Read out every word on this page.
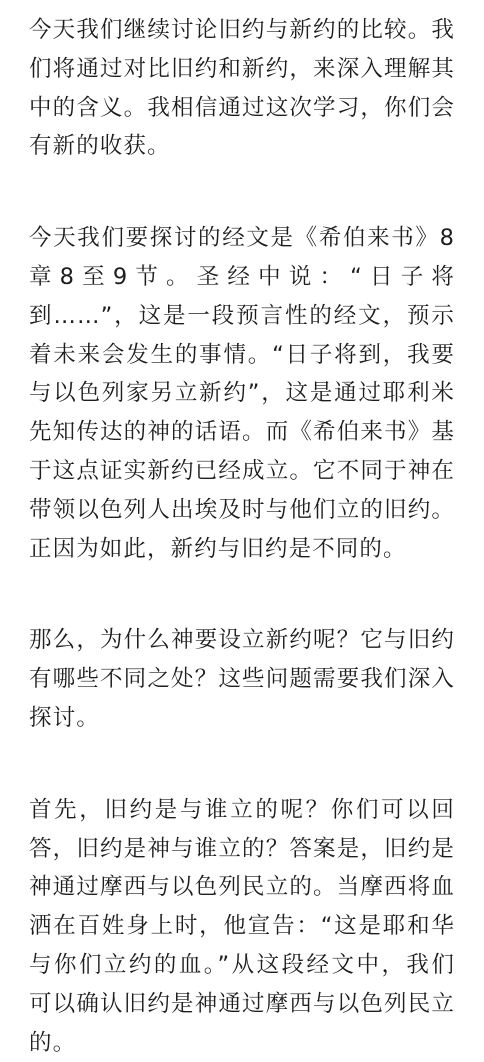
今天我们继续讨论旧约与新约的比较。我们将通过对比旧约和新约，来深入理解其中的含义。我相信通过这次学习，你们会有新的收获。

今天我们要探讨的经文是《希伯来书》8章8至9节。圣经中说：“日子将到……”，这是一段预言性的经文，预示着未来会发生的事情。“日子将到，我要与以色列家另立新约”，这是通过耶利米先知传达的神的话语。而《希伯来书》基于这点证实新约已经成立。它不同于神在带领以色列人出埃及时与他们立的旧约。正因为如此，新约与旧约是不同的。

那么，为什么神要设立新约呢？它与旧约有哪些不同之处？这些问题需要我们深入探讨。

首先，旧约是与谁立的呢？你们可以回答，旧约是神与谁立的？答案是，旧约是神通过摩西与以色列民立的。当摩西将血洒在百姓身上时，他宣告：“这是耶和华与你们立约的血。”从这段经文中，我们可以确认旧约是神通过摩西与以色列民立的。
